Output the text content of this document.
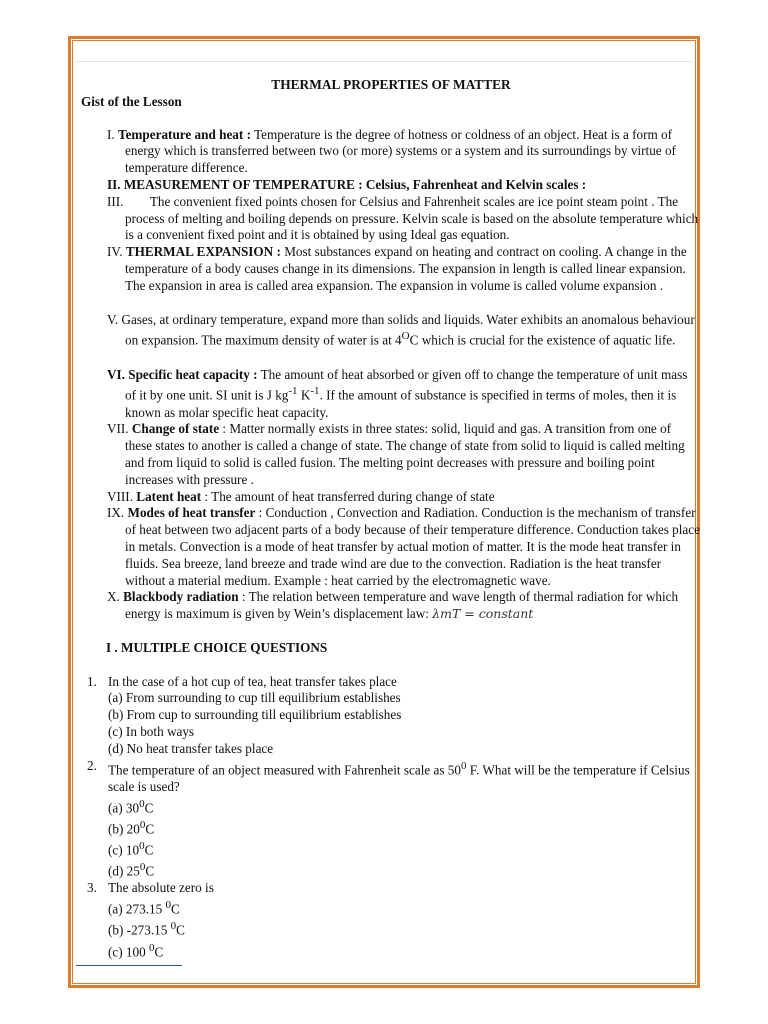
THERMAL PROPERTIES OF MATTER

Gist of the Lesson

I. Temperature and heat : Temperature is the degree of hotness or coldness of an object. Heat is a form of energy which is transferred between two (or more) systems or a system and its surroundings by virtue of temperature difference.

II. MEASUREMENT OF TEMPERATURE : Celsius, Fahrenheat and Kelvin scales :

III. The convenient fixed points chosen for Celsius and Fahrenheit scales are ice point steam point . The process of melting and boiling depends on pressure. Kelvin scale is based on the absolute temperature which is a convenient fixed point and it is obtained by using Ideal gas equation.

IV. THERMAL EXPANSION : Most substances expand on heating and contract on cooling. A change in the temperature of a body causes change in its dimensions. The expansion in length is called linear expansion. The expansion in area is called area expansion. The expansion in volume is called volume expansion .

V. Gases, at ordinary temperature, expand more than solids and liquids. Water exhibits an anomalous behaviour on expansion. The maximum density of water is at $4^OC$ which is crucial for the existence of aquatic life.

VI. Specific heat capacity : The amount of heat absorbed or given off to change the temperature of unit mass of it by one unit. SI unit is J $kg^{-1}$ $K^{-1}$. If the amount of substance is specified in terms of moles, then it is known as molar specific heat capacity.

VII. Change of state : Matter normally exists in three states: solid, liquid and gas. A transition from one of these states to another is called a change of state. The change of state from solid to liquid is called melting and from liquid to solid is called fusion. The melting point decreases with pressure and boiling point increases with pressure .

VIII. Latent heat : The amount of heat transferred during change of state

IX. Modes of heat transfer : Conduction , Convection and Radiation. Conduction is the mechanism of transfer of heat between two adjacent parts of a body because of their temperature difference. Conduction takes place in metals. Convection is a mode of heat transfer by actual motion of matter. It is the mode heat transfer in fluids. Sea breeze, land breeze and trade wind are due to the convection. Radiation is the heat transfer without a material medium. Example : heat carried by the electromagnetic wave.

X. Blackbody radiation : The relation between temperature and wave length of thermal radiation for which energy is maximum is given by Wein’s displacement law: λmT = constant

I . MULTIPLE CHOICE QUESTIONS

1. In the case of a hot cup of tea, heat transfer takes place

(a) From surrounding to cup till equilibrium establishes

(b) From cup to surrounding till equilibrium establishes

(c) In both ways

(d) No heat transfer takes place

2. The temperature of an object measured with Fahrenheit scale as $50^0$ F. What will be the temperature if Celsius scale is used?

(a) $30^0C$

(b) $20^0C$

(c) $10^0C$

(d) $25^0C$

3. The absolute zero is

(a) 273.15 $^0$C

(b) -273.15 $^0$C

(c) 100 $^0$C
